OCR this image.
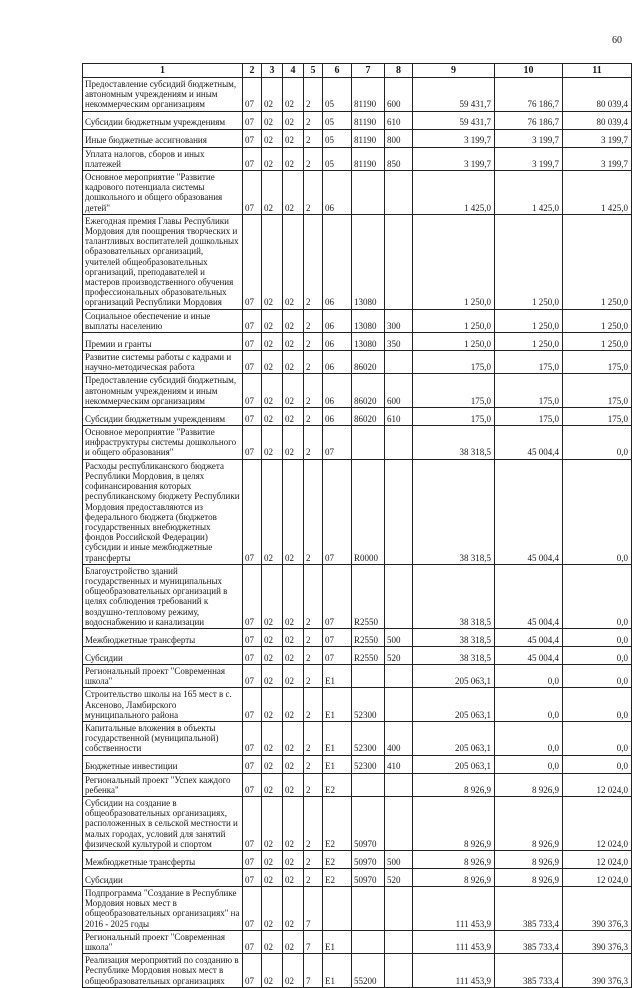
60
1	2	3	4	5	6	7	8	9	10	11
Предоставление субсидий бюджетным, автономным учреждениям и иным некоммерческим организациям	07	02	02	2	05	81190	600	59 431,7	76 186,7	80 039,4
Субсидии бюджетным учреждениям	07	02	02	2	05	81190	610	59 431,7	76 186,7	80 039,4
Иные бюджетные ассигнования	07	02	02	2	05	81190	800	3 199,7	3 199,7	3 199,7
Уплата налогов, сборов и иных платежей	07	02	02	2	05	81190	850	3 199,7	3 199,7	3 199,7
Основное мероприятие "Развитие кадрового потенциала системы дошкольного и общего образования детей"	07	02	02	2	06			1 425,0	1 425,0	1 425,0
Ежегодная премия Главы Республики Мордовия для поощрения творческих и талантливых воспитателей дошкольных образовательных организаций, учителей общеобразовательных организаций, преподавателей и мастеров производственного обучения профессиональных образовательных организаций Республики Мордовия	07	02	02	2	06	13080		1 250,0	1 250,0	1 250,0
Социальное обеспечение и иные выплаты населению	07	02	02	2	06	13080	300	1 250,0	1 250,0	1 250,0
Премии и гранты	07	02	02	2	06	13080	350	1 250,0	1 250,0	1 250,0
Развитие системы работы с кадрами и научно-методическая работа	07	02	02	2	06	86020		175,0	175,0	175,0
Предоставление субсидий бюджетным, автономным учреждениям и иным некоммерческим организациям	07	02	02	2	06	86020	600	175,0	175,0	175,0
Субсидии бюджетным учреждениям	07	02	02	2	06	86020	610	175,0	175,0	175,0
Основное мероприятие "Развитие инфраструктуры системы дошкольного и общего образования"	07	02	02	2	07			38 318,5	45 004,4	0,0
Расходы республиканского бюджета Республики Мордовия, в целях софинансирования которых республиканскому бюджету Республики Мордовия предоставляются из федерального бюджета (бюджетов государственных внебюджетных фондов Российской Федерации) субсидии и иные межбюджетные трансферты	07	02	02	2	07	R0000		38 318,5	45 004,4	0,0
Благоустройство зданий государственных и муниципальных общеобразовательных организаций в целях соблюдения требований к воздушно-тепловому режиму, водоснабжению и канализации	07	02	02	2	07	R2550		38 318,5	45 004,4	0,0
Межбюджетные трансферты	07	02	02	2	07	R2550	500	38 318,5	45 004,4	0,0
Субсидии	07	02	02	2	07	R2550	520	38 318,5	45 004,4	0,0
Региональный проект "Современная школа"	07	02	02	2	E1			205 063,1	0,0	0,0
Строительство школы на 165 мест в с. Аксеново, Ламбирского муниципального района	07	02	02	2	E1	52300		205 063,1	0,0	0,0
Капитальные вложения в объекты государственной (муниципальной) собственности	07	02	02	2	E1	52300	400	205 063,1	0,0	0,0
Бюджетные инвестиции	07	02	02	2	E1	52300	410	205 063,1	0,0	0,0
Региональный проект "Успех каждого ребенка"	07	02	02	2	E2			8 926,9	8 926,9	12 024,0
Субсидии на создание в общеобразовательных организациях, расположенных в сельской местности и малых городах, условий для занятий физической культурой и спортом	07	02	02	2	E2	50970		8 926,9	8 926,9	12 024,0
Межбюджетные трансферты	07	02	02	2	E2	50970	500	8 926,9	8 926,9	12 024,0
Субсидии	07	02	02	2	E2	50970	520	8 926,9	8 926,9	12 024,0
Подпрограмма "Создание в Республике Мордовия новых мест в общеобразовательных организациях" на 2016 - 2025 годы	07	02	02	7				111 453,9	385 733,4	390 376,3
Региональный проект "Современная школа"	07	02	02	7	E1			111 453,9	385 733,4	390 376,3
Реализация мероприятий по созданию в Республике Мордовия новых мест в общеобразовательных организациях	07	02	02	7	E1	55200		111 453,9	385 733,4	390 376,3
